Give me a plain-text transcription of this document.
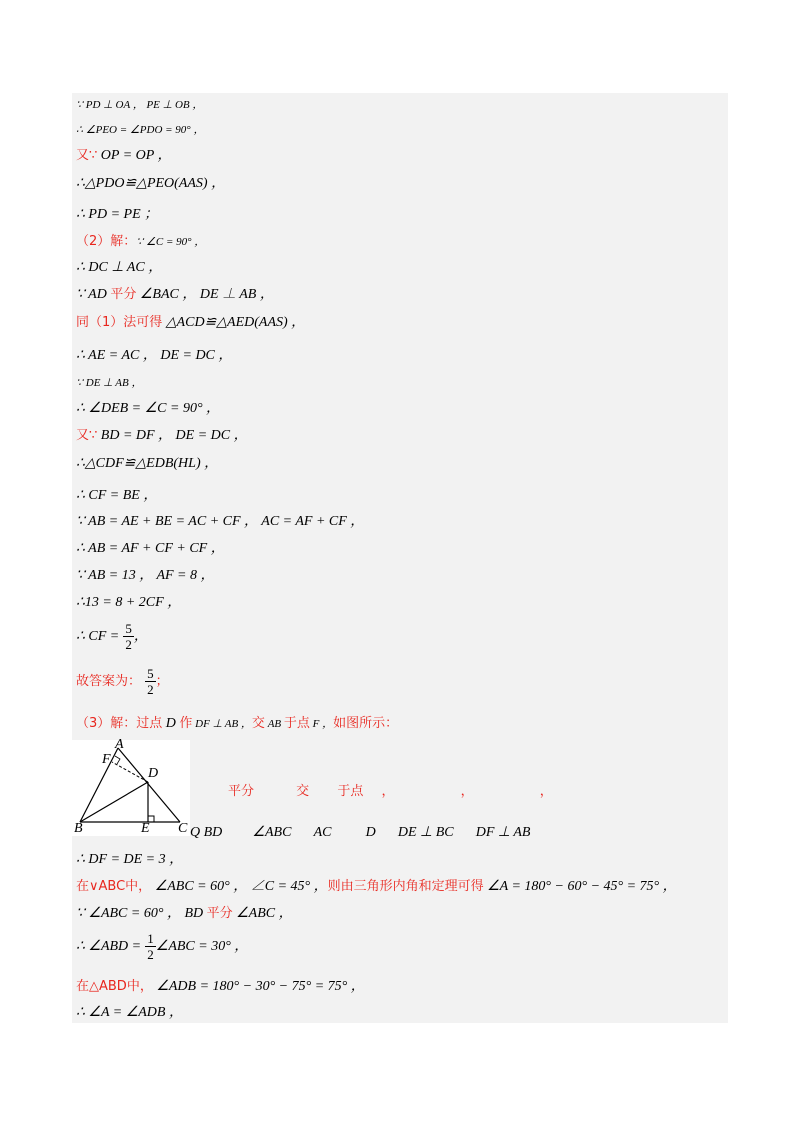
∵ PD ⊥ OA ， PE ⊥ OB ，
∴ ∠PEO = ∠PDO = 90° ，
又∵ OP = OP ，
∴△PDO≌△PEO(AAS) ，
∴ PD = PE ；
（2）解：∵ ∠C = 90° ，
∴ DC ⊥ AC ，
∵ AD 平分 ∠BAC ， DE ⊥ AB ，
同（1）法可得 △ACD≌△AED(AAS) ，
∴ AE = AC ， DE = DC ，
∵ DE ⊥ AB ，
∴ ∠DEB = ∠C = 90° ，
又∵ BD = DF ， DE = DC ，
∴△CDF≌△EDB(HL) ，
∴ CF = BE ，
∵ AB = AE + BE = AC + CF ， AC = AF + CF ，
∴ AB = AF + CF + CF ，
∵ AB = 13 ， AF = 8 ，
∴13 = 8 + 2CF ，
∴ CF = $\frac{5}{2}$ ，
故答案为： $\frac{5}{2}$ ；
（3）解：过点 D 作 DF ⊥ AB ，交 AB 于点 F ，如图所示：
A
F
D
B	E C
平分	交 于点 ，	，	，
Q BD ∠ABC AC D DE ⊥ BC DF ⊥ AB
∴ DF = DE = 3 ，
在∨ABC中， ∠ABC = 60° ， ∠C = 45° ，则由三角形内角和定理可得 ∠A = 180° − 60° − 45° = 75° ，
∵ ∠ABC = 60° ， BD 平分 ∠ABC ，
∴ ∠ABD = $\frac{1}{2}$ ∠ABC = 30° ，
在△ABD中， ∠ADB = 180° − 30° − 75° = 75° ，
∴ ∠A = ∠ADB ，
